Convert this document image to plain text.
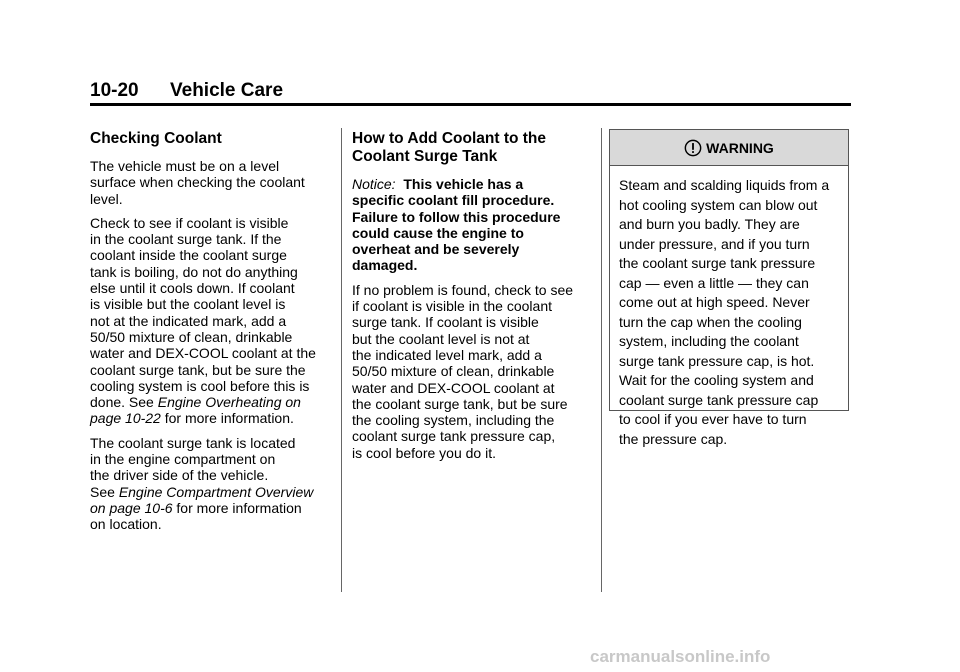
10-20 Vehicle Care
Checking Coolant

The vehicle must be on a level
surface when checking the coolant
level.

Check to see if coolant is visible
in the coolant surge tank. If the
coolant inside the coolant surge
tank is boiling, do not do anything
else until it cools down. If coolant
is visible but the coolant level is
not at the indicated mark, add a
50/50 mixture of clean, drinkable
water and DEX-COOL coolant at the
coolant surge tank, but be sure the
cooling system is cool before this is
done. See Engine Overheating on
page 10-22 for more information.

The coolant surge tank is located
in the engine compartment on
the driver side of the vehicle.
See Engine Compartment Overview
on page 10-6 for more information
on location.

How to Add Coolant to the
Coolant Surge Tank

Notice:  This vehicle has a
specific coolant fill procedure.
Failure to follow this procedure
could cause the engine to
overheat and be severely
damaged.

If no problem is found, check to see
if coolant is visible in the coolant
surge tank. If coolant is visible
but the coolant level is not at
the indicated level mark, add a
50/50 mixture of clean, drinkable
water and DEX-COOL coolant at
the coolant surge tank, but be sure
the cooling system, including the
coolant surge tank pressure cap,
is cool before you do it.

WARNING
Steam and scalding liquids from a
hot cooling system can blow out
and burn you badly. They are
under pressure, and if you turn
the coolant surge tank pressure
cap — even a little — they can
come out at high speed. Never
turn the cap when the cooling
system, including the coolant
surge tank pressure cap, is hot.
Wait for the cooling system and
coolant surge tank pressure cap
to cool if you ever have to turn
the pressure cap.
carmanualsonline.info
